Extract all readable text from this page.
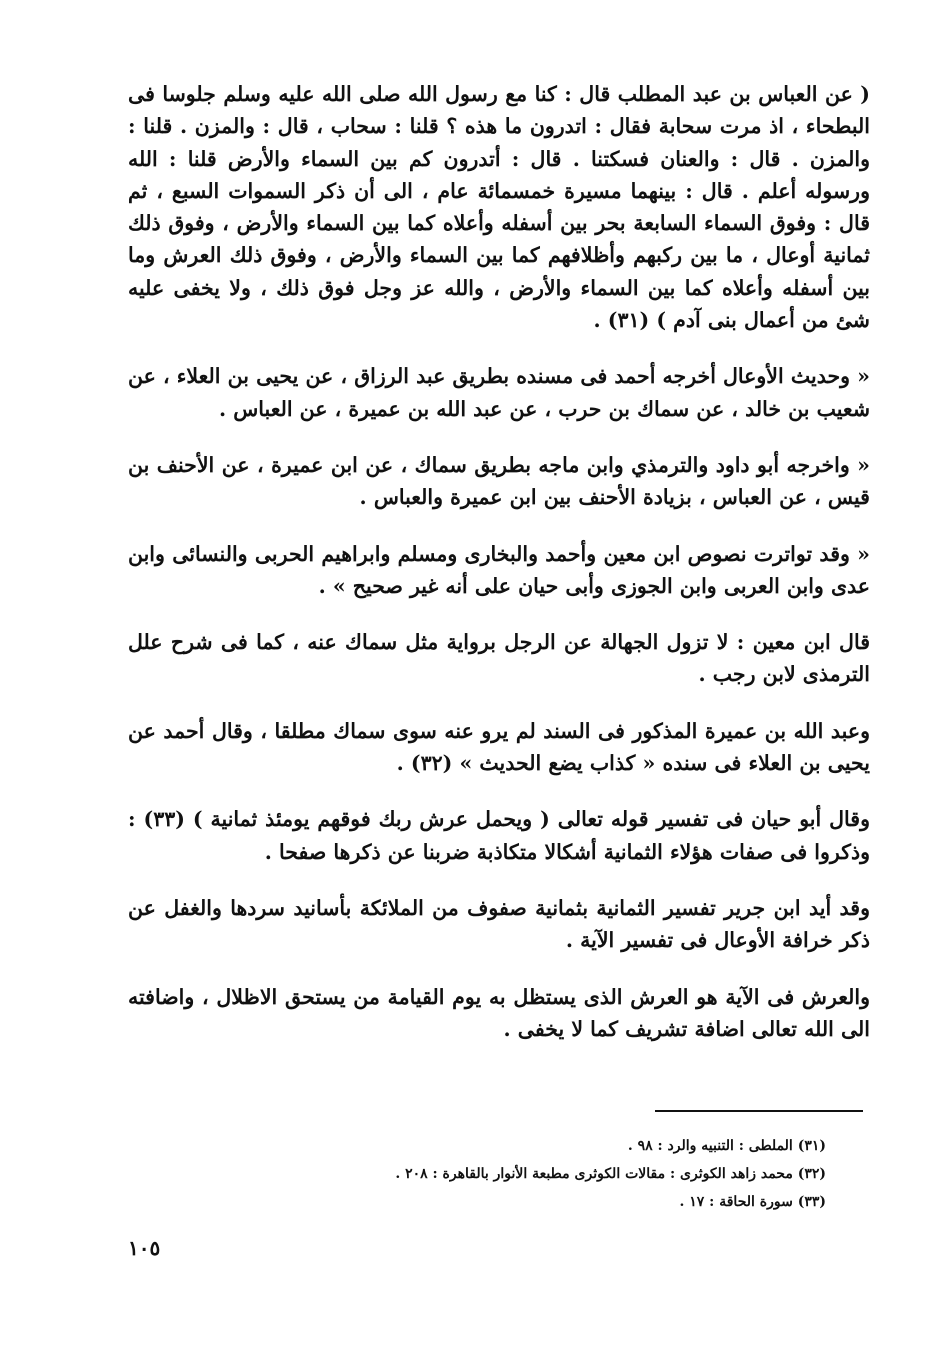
( عن العباس بن عبد المطلب قال : كنا مع رسول الله صلى الله عليه وسلم جلوسا فى البطحاء ، اذ مرت سحابة فقال : اتدرون ما هذه ؟ قلنا : سحاب ، قال : والمزن . قلنا : والمزن . قال : والعنان فسكتنا . قال : أتدرون كم بين السماء والأرض قلنا : الله ورسوله أعلم . قال : بينهما مسيرة خمسمائة عام ، الى أن ذكر السموات السبع ، ثم قال : وفوق السماء السابعة بحر بين أسفله وأعلاه كما بين السماء والأرض ، وفوق ذلك ثمانية أوعال ، ما بين ركبهم وأظلافهم كما بين السماء والأرض ، وفوق ذلك العرش وما بين أسفله وأعلاه كما بين السماء والأرض ، والله عز وجل فوق ذلك ، ولا يخفى عليه شئ من أعمال بنى آدم ) (٣١) .

« وحديث الأوعال أخرجه أحمد فى مسنده بطريق عبد الرزاق ، عن يحيى بن العلاء ، عن شعيب بن خالد ، عن سماك بن حرب ، عن عبد الله بن عميرة ، عن العباس .

« واخرجه أبو داود والترمذي وابن ماجه بطريق سماك ، عن ابن عميرة ، عن الأحنف بن قيس ، عن العباس ، بزيادة الأحنف بين ابن عميرة والعباس .

« وقد تواترت نصوص ابن معين وأحمد والبخارى ومسلم وابراهيم الحربى والنسائى وابن عدى وابن العربى وابن الجوزى وأبى حيان على أنه غير صحيح » .

قال ابن معين : لا تزول الجهالة عن الرجل برواية مثل سماك عنه ، كما فى شرح علل الترمذى لابن رجب .

وعبد الله بن عميرة المذكور فى السند لم يرو عنه سوى سماك مطلقا ، وقال أحمد عن يحيى بن العلاء فى سنده « كذاب يضع الحديث » (٣٢) .

وقال أبو حيان فى تفسير قوله تعالى ( ويحمل عرش ربك فوقهم يومئذ ثمانية ) (٣٣) : وذكروا فى صفات هؤلاء الثمانية أشكالا متكاذبة ضربنا عن ذكرها صفحا .

وقد أيد ابن جرير تفسير الثمانية بثمانية صفوف من الملائكة بأسانيد سردها والغفل عن ذكر خرافة الأوعال فى تفسير الآية .

والعرش فى الآية هو العرش الذى يستظل به يوم القيامة من يستحق الاظلال ، واضافته الى الله تعالى اضافة تشريف كما لا يخفى .

(٣١) الملطى : التنبيه والرد : ٩٨ .

(٣٢) محمد زاهد الكوثرى : مقالات الكوثرى مطبعة الأنوار بالقاهرة : ٢٠٨ .

(٣٣) سورة الحاقة : ١٧ .

١٠٥
